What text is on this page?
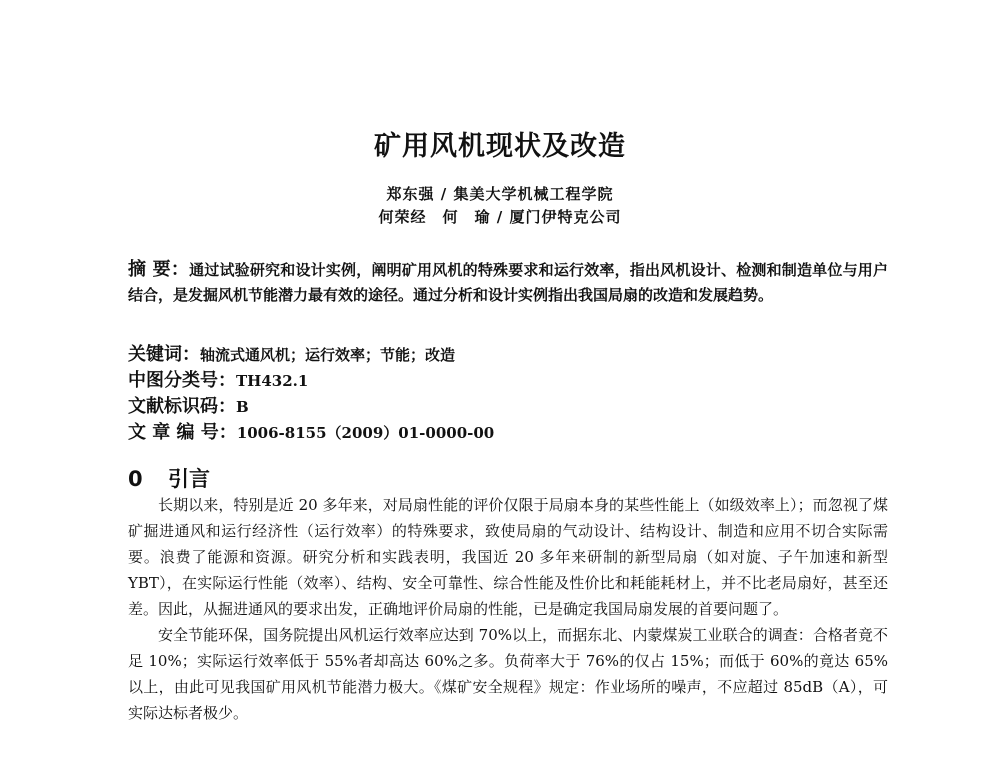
矿用风机现状及改造
郑东强 / 集美大学机械工程学院
何荣经　何　瑜 / 厦门伊特克公司
摘 要：通过试验研究和设计实例，阐明矿用风机的特殊要求和运行效率，指出风机设计、检测和制造单位与用户结合，是发掘风机节能潜力最有效的途径。通过分析和设计实例指出我国局扇的改造和发展趋势。
关键词：轴流式通风机；运行效率；节能；改造
中图分类号：TH432.1
文献标识码：B
文 章 编 号：1006-8155（2009）01-0000-00
0 引言

长期以来，特别是近 20 多年来，对局扇性能的评价仅限于局扇本身的某些性能上（如级效率上）；而忽视了煤矿掘进通风和运行经济性（运行效率）的特殊要求，致使局扇的气动设计、结构设计、制造和应用不切合实际需要。浪费了能源和资源。研究分析和实践表明，我国近 20 多年来研制的新型局扇（如对旋、子午加速和新型 YBT），在实际运行性能（效率）、结构、安全可靠性、综合性能及性价比和耗能耗材上，并不比老局扇好，甚至还差。因此，从掘进通风的要求出发，正确地评价局扇的性能，已是确定我国局扇发展的首要问题了。

安全节能环保，国务院提出风机运行效率应达到 70%以上，而据东北、内蒙煤炭工业联合的调查：合格者竟不足 10%；实际运行效率低于 55%者却高达 60%之多。负荷率大于 76%的仅占 15%；而低于 60%的竟达 65%以上，由此可见我国矿用风机节能潜力极大。《煤矿安全规程》规定：作业场所的噪声，不应超过 85dB（A），可实际达标者极少。
